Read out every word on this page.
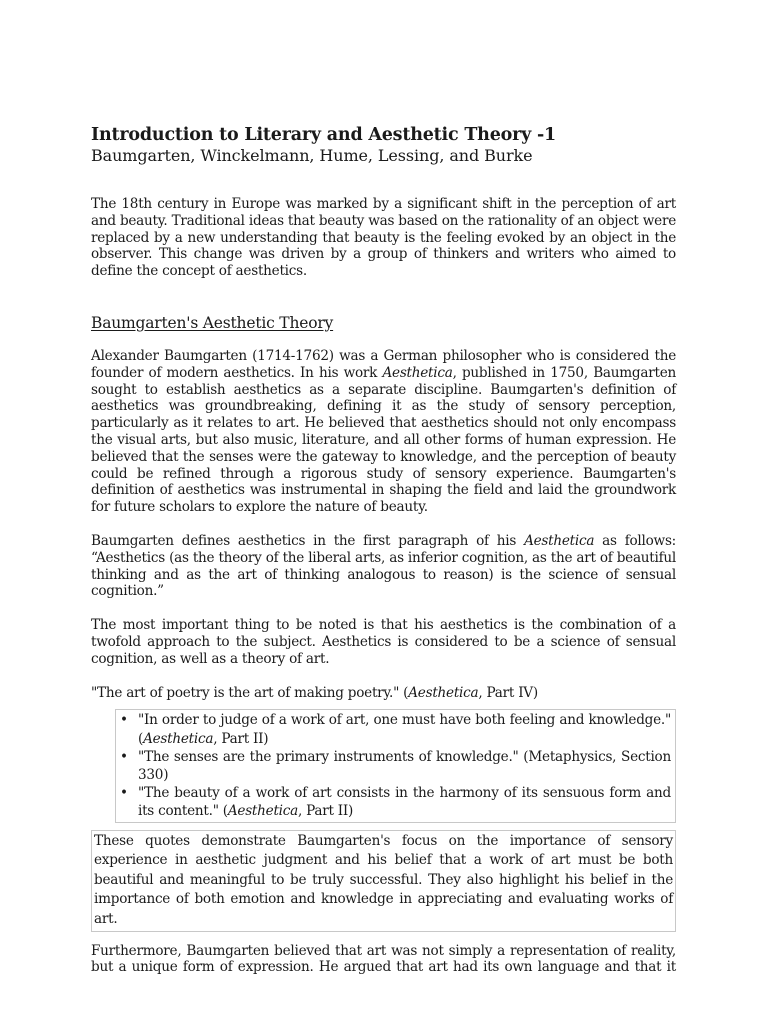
Introduction to Literary and Aesthetic Theory -1
Baumgarten, Winckelmann, Hume, Lessing, and Burke

The 18th century in Europe was marked by a significant shift in the perception of art and beauty. Traditional ideas that beauty was based on the rationality of an object were replaced by a new understanding that beauty is the feeling evoked by an object in the observer. This change was driven by a group of thinkers and writers who aimed to define the concept of aesthetics.

Baumgarten's Aesthetic Theory

Alexander Baumgarten (1714-1762) was a German philosopher who is considered the founder of modern aesthetics. In his work Aesthetica, published in 1750, Baumgarten sought to establish aesthetics as a separate discipline. Baumgarten's definition of aesthetics was groundbreaking, defining it as the study of sensory perception, particularly as it relates to art. He believed that aesthetics should not only encompass the visual arts, but also music, literature, and all other forms of human expression. He believed that the senses were the gateway to knowledge, and the perception of beauty could be refined through a rigorous study of sensory experience. Baumgarten's definition of aesthetics was instrumental in shaping the field and laid the groundwork for future scholars to explore the nature of beauty.

Baumgarten defines aesthetics in the first paragraph of his Aesthetica as follows: “Aesthetics (as the theory of the liberal arts, as inferior cognition, as the art of beautiful thinking and as the art of thinking analogous to reason) is the science of sensual cognition.”

The most important thing to be noted is that his aesthetics is the combination of a twofold approach to the subject. Aesthetics is considered to be a science of sensual cognition, as well as a theory of art.

"The art of poetry is the art of making poetry." (Aesthetica, Part IV)

• "In order to judge of a work of art, one must have both feeling and knowledge." (Aesthetica, Part II)
• "The senses are the primary instruments of knowledge." (Metaphysics, Section 330)
• "The beauty of a work of art consists in the harmony of its sensuous form and its content." (Aesthetica, Part II)
These quotes demonstrate Baumgarten's focus on the importance of sensory experience in aesthetic judgment and his belief that a work of art must be both beautiful and meaningful to be truly successful. They also highlight his belief in the importance of both emotion and knowledge in appreciating and evaluating works of art.

Furthermore, Baumgarten believed that art was not simply a representation of reality, but a unique form of expression. He argued that art had its own language and that it
